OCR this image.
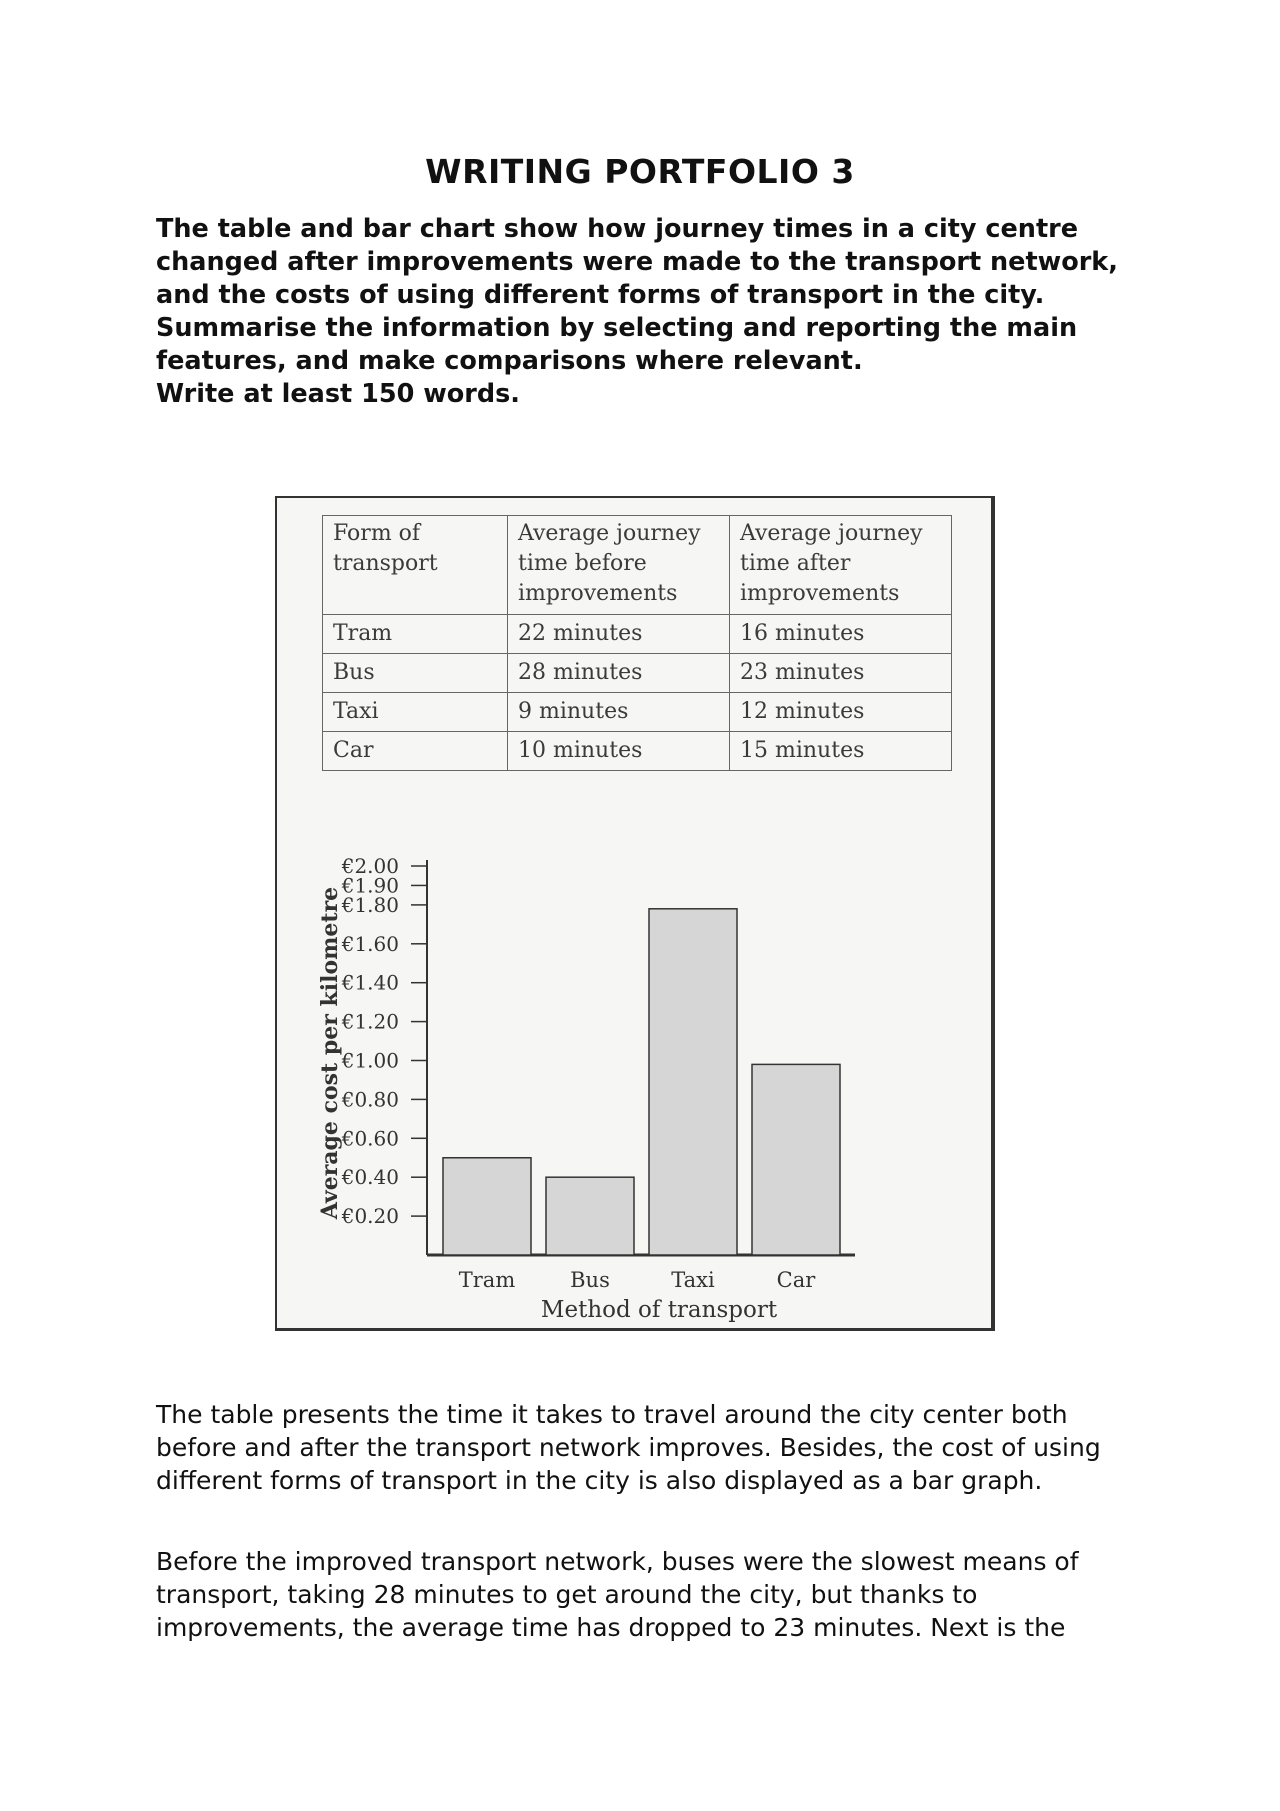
WRITING PORTFOLIO 3

The table and bar chart show how journey times in a city centre changed after improvements were made to the transport network, and the costs of using different forms of transport in the city.

Summarise the information by selecting and reporting the main features, and make comparisons where relevant.

Write at least 150 words.

Form of transport	Average journey time before improvements	Average journey time after improvements
Tram	22 minutes	16 minutes
Bus	28 minutes	23 minutes
Taxi	9 minutes	12 minutes
Car	10 minutes	15 minutes
€2.00
€1.90
€1.80
€1.60
€1.40
€1.20
€1.00
€0.80
€0.60
€0.40
€0.20
Average cost per kilometre
Tram	Bus	Taxi	Car
Method of transport

The table presents the time it takes to travel around the city center both before and after the transport network improves. Besides, the cost of using different forms of transport in the city is also displayed as a bar graph.

Before the improved transport network, buses were the slowest means of transport, taking 28 minutes to get around the city, but thanks to improvements, the average time has dropped to 23 minutes. Next is the
